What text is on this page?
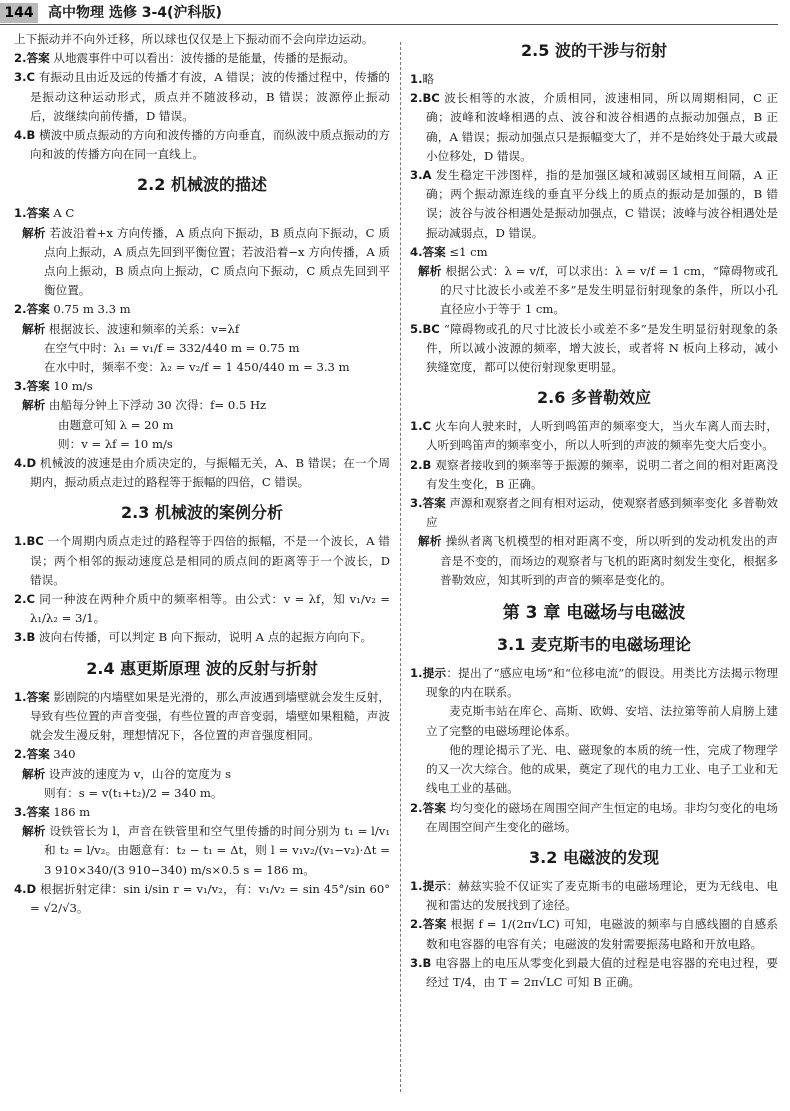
144	高中物理 选修 3-4(沪科版)

上下振动并不向外迁移，所以球也仅仅是上下振动而不会向岸边运动。

2.答案 从地震事件中可以看出：波传播的是能量，传播的是振动。

3.C 有振动且由近及远的传播才有波，A 错误；波的传播过程中，传播的是振动这种运动形式，质点并不随波移动，B 错误；波源停止振动后，波继续向前传播，D 错误。

4.B 横波中质点振动的方向和波传播的方向垂直，而纵波中质点振动的方向和波的传播方向在同一直线上。

2.2 机械波的描述

1.答案 A C

解析 若波沿着+x 方向传播，A 质点向下振动，B 质点向下振动，C 质点向上振动，A 质点先回到平衡位置；若波沿着−x 方向传播，A 质点向上振动，B 质点向上振动，C 质点向下振动，C 质点先回到平衡位置。

2.答案 0.75 m 3.3 m

解析 根据波长、波速和频率的关系：v=λf

在空气中时：λ₁ = v₁/f = 332/440 m = 0.75 m

在水中时，频率不变：λ₂ = v₂/f = 1 450/440 m = 3.3 m

3.答案 10 m/s

解析 由船每分钟上下浮动 30 次得：f= 0.5 Hz

由题意可知 λ = 20 m

则：v = λf = 10 m/s

4.D 机械波的波速是由介质决定的，与振幅无关，A、B 错误；在一个周期内，振动质点走过的路程等于振幅的四倍，C 错误。

2.3 机械波的案例分析

1.BC 一个周期内质点走过的路程等于四倍的振幅，不是一个波长，A 错误；两个相邻的振动速度总是相同的质点间的距离等于一个波长，D 错误。

2.C 同一种波在两种介质中的频率相等。由公式：v = λf，知 v₁/v₂ = λ₁/λ₂ = 3/1。

3.B 波向右传播，可以判定 B 向下振动，说明 A 点的起振方向向下。

2.4 惠更斯原理 波的反射与折射

1.答案 影剧院的内墙壁如果是光滑的，那么声波遇到墙壁就会发生反射，导致有些位置的声音变强，有些位置的声音变弱，墙壁如果粗糙，声波就会发生漫反射，理想情况下，各位置的声音强度相同。

2.答案 340

解析 设声波的速度为 v，山谷的宽度为 s

则有：s = v(t₁+t₂)/2 = 340 m。

3.答案 186 m

解析 设铁管长为 l，声音在铁管里和空气里传播的时间分别为 t₁ = l/v₁ 和 t₂ = l/v₂。由题意有：t₂ − t₁ = Δt，则 l = v₁v₂/(v₁−v₂)·Δt = 3 910×340/(3 910−340) m/s×0.5 s = 186 m。

4.D 根据折射定律：sin i/sin r = v₁/v₂，有：v₁/v₂ = sin 45°/sin 60° = √2/√3。

2.5 波的干涉与衍射

1.略

2.BC 波长相等的水波，介质相同，波速相同，所以周期相同，C 正确；波峰和波峰相遇的点、波谷和波谷相遇的点振动加强点，B 正确，A 错误；振动加强点只是振幅变大了，并不是始终处于最大或最小位移处，D 错误。

3.A 发生稳定干涉图样，指的是加强区域和减弱区域相互间隔，A 正确；两个振动源连线的垂直平分线上的质点的振动是加强的，B 错误；波谷与波谷相遇处是振动加强点，C 错误；波峰与波谷相遇处是振动减弱点，D 错误。

4.答案 ≤1 cm

解析 根据公式：λ = v/f，可以求出：λ = v/f = 1 cm，“障碍物或孔的尺寸比波长小或差不多”是发生明显衍射现象的条件，所以小孔直径应小于等于 1 cm。

5.BC “障碍物或孔的尺寸比波长小或差不多”是发生明显衍射现象的条件，所以减小波源的频率，增大波长，或者将 N 板向上移动，减小狭缝宽度，都可以使衍射现象更明显。

2.6 多普勒效应

1.C 火车向人驶来时，人听到鸣笛声的频率变大，当火车离人而去时，人听到鸣笛声的频率变小，所以人听到的声波的频率先变大后变小。

2.B 观察者接收到的频率等于振源的频率，说明二者之间的相对距离没有发生变化，B 正确。

3.答案 声源和观察者之间有相对运动，使观察者感到频率变化 多普勒效应

解析 操纵者离飞机模型的相对距离不变，所以听到的发动机发出的声音是不变的，而场边的观察者与飞机的距离时刻发生变化，根据多普勒效应，知其听到的声音的频率是变化的。

第 3 章 电磁场与电磁波
3.1 麦克斯韦的电磁场理论

1.提示：提出了“感应电场”和“位移电流”的假设。用类比方法揭示物理现象的内在联系。

麦克斯韦站在库仑、高斯、欧姆、安培、法拉第等前人肩膀上建立了完整的电磁场理论体系。

他的理论揭示了光、电、磁现象的本质的统一性，完成了物理学的又一次大综合。他的成果，奠定了现代的电力工业、电子工业和无线电工业的基础。

2.答案 均匀变化的磁场在周围空间产生恒定的电场。非均匀变化的电场在周围空间产生变化的磁场。

3.2 电磁波的发现

1.提示：赫兹实验不仅证实了麦克斯韦的电磁场理论，更为无线电、电视和雷达的发展找到了途径。

2.答案 根据 f = 1/(2π√LC) 可知，电磁波的频率与自感线圈的自感系数和电容器的电容有关；电磁波的发射需要振荡电路和开放电路。

3.B 电容器上的电压从零变化到最大值的过程是电容器的充电过程，要经过 T/4，由 T = 2π√LC 可知 B 正确。
